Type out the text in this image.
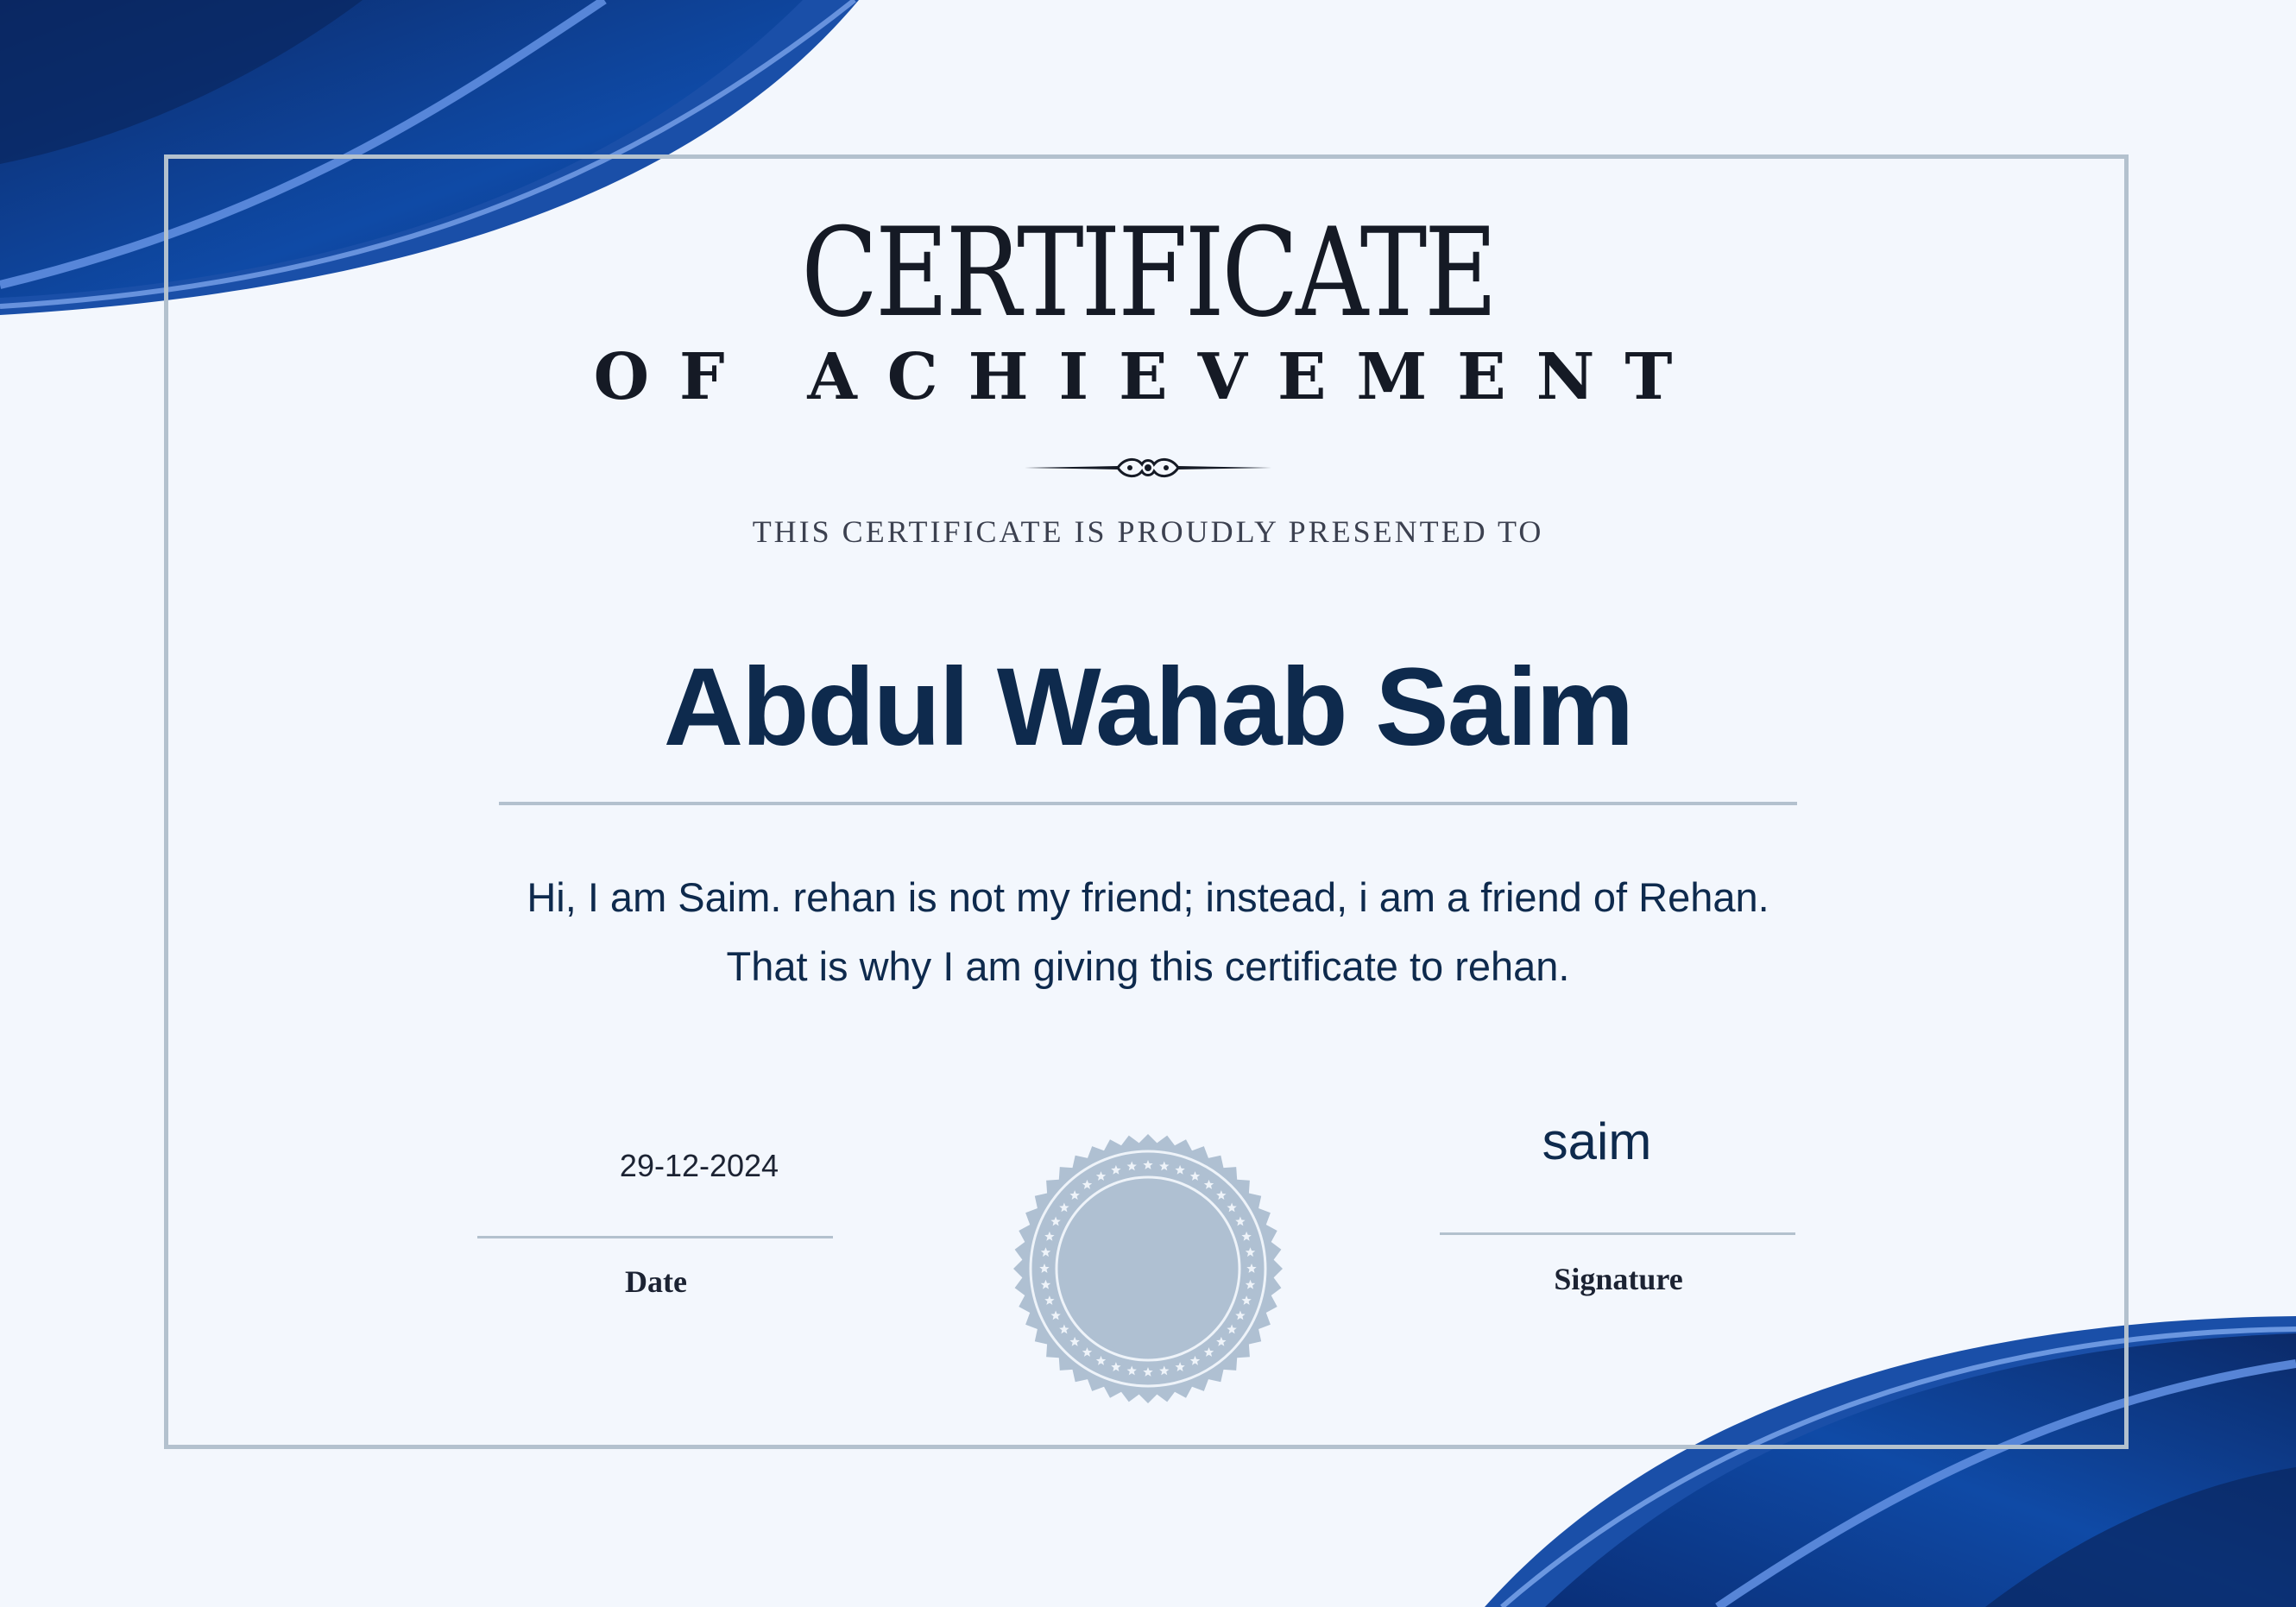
CERTIFICATE
OF ACHIEVEMENT
THIS CERTIFICATE IS PROUDLY PRESENTED TO
Abdul Wahab Saim
Hi, I am Saim. rehan is not my friend; instead, i am a friend of Rehan.
That is why I am giving this certificate to rehan.
29-12-2024
Date
saim
Signature
